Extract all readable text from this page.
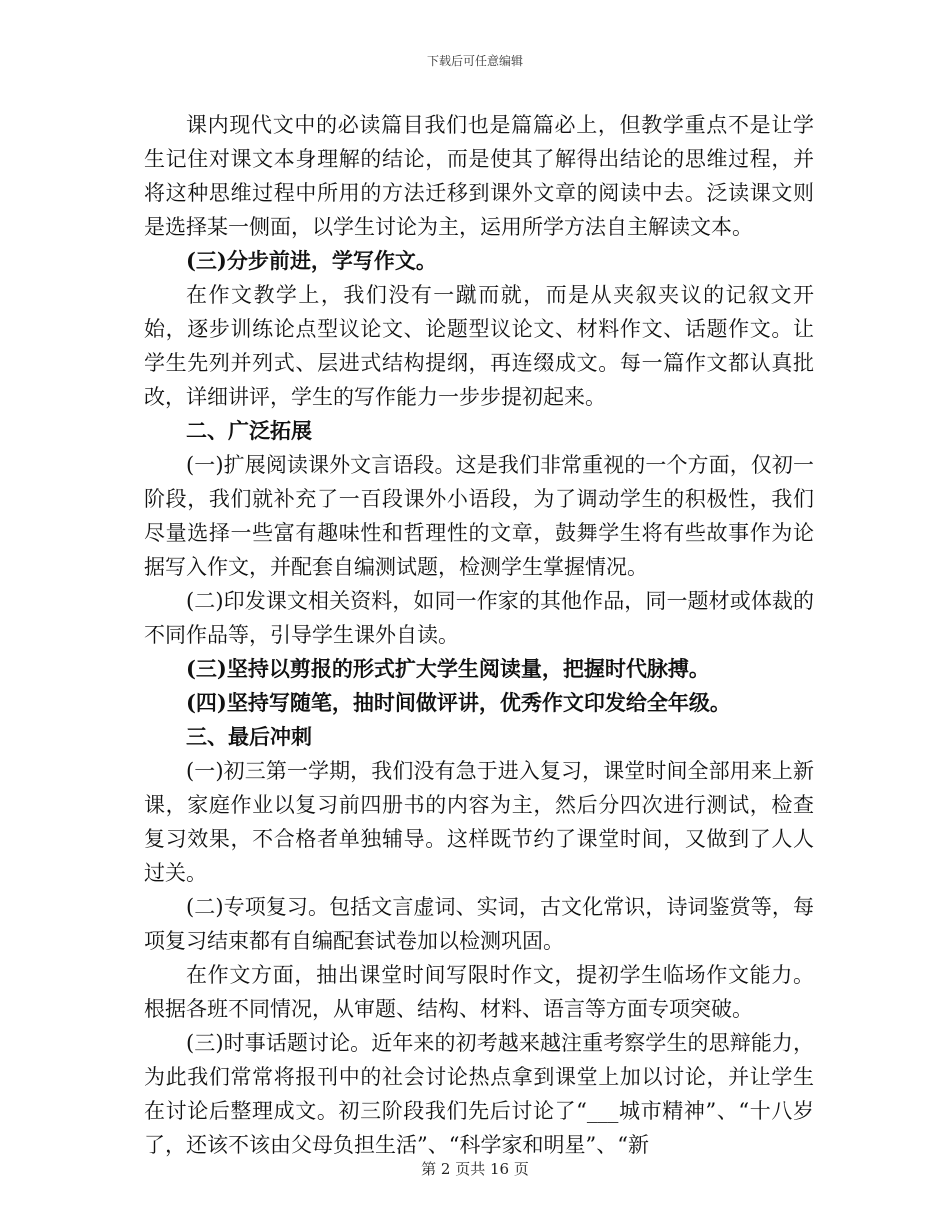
下载后可任意编辑

课内现代文中的必读篇目我们也是篇篇必上，但教学重点不是让学生记住对课文本身理解的结论，而是使其了解得出结论的思维过程，并将这种思维过程中所用的方法迁移到课外文章的阅读中去。泛读课文则是选择某一侧面，以学生讨论为主，运用所学方法自主解读文本。

(三)分步前进，学写作文。

在作文教学上，我们没有一蹴而就，而是从夹叙夹议的记叙文开始，逐步训练论点型议论文、论题型议论文、材料作文、话题作文。让学生先列并列式、层进式结构提纲，再连缀成文。每一篇作文都认真批改，详细讲评，学生的写作能力一步步提初起来。

二、广泛拓展

(一)扩展阅读课外文言语段。这是我们非常重视的一个方面，仅初一阶段，我们就补充了一百段课外小语段，为了调动学生的积极性，我们尽量选择一些富有趣味性和哲理性的文章，鼓舞学生将有些故事作为论据写入作文，并配套自编测试题，检测学生掌握情况。

(二)印发课文相关资料，如同一作家的其他作品，同一题材或体裁的不同作品等，引导学生课外自读。

(三)坚持以剪报的形式扩大学生阅读量，把握时代脉搏。

(四)坚持写随笔，抽时间做评讲，优秀作文印发给全年级。

三、最后冲刺

(一)初三第一学期，我们没有急于进入复习，课堂时间全部用来上新课，家庭作业以复习前四册书的内容为主，然后分四次进行测试，检查复习效果，不合格者单独辅导。这样既节约了课堂时间，又做到了人人过关。

(二)专项复习。包括文言虚词、实词，古文化常识，诗词鉴赏等，每项复习结束都有自编配套试卷加以检测巩固。

在作文方面，抽出课堂时间写限时作文，提初学生临场作文能力。根据各班不同情况，从审题、结构、材料、语言等方面专项突破。

(三)时事话题讨论。近年来的初考越来越注重考察学生的思辩能力，为此我们常常将报刊中的社会讨论热点拿到课堂上加以讨论，并让学生在讨论后整理成文。初三阶段我们先后讨论了“___城市精神”、“十八岁了，还该不该由父母负担生活”、“科学家和明星”、“新

第 2 页共 16 页
